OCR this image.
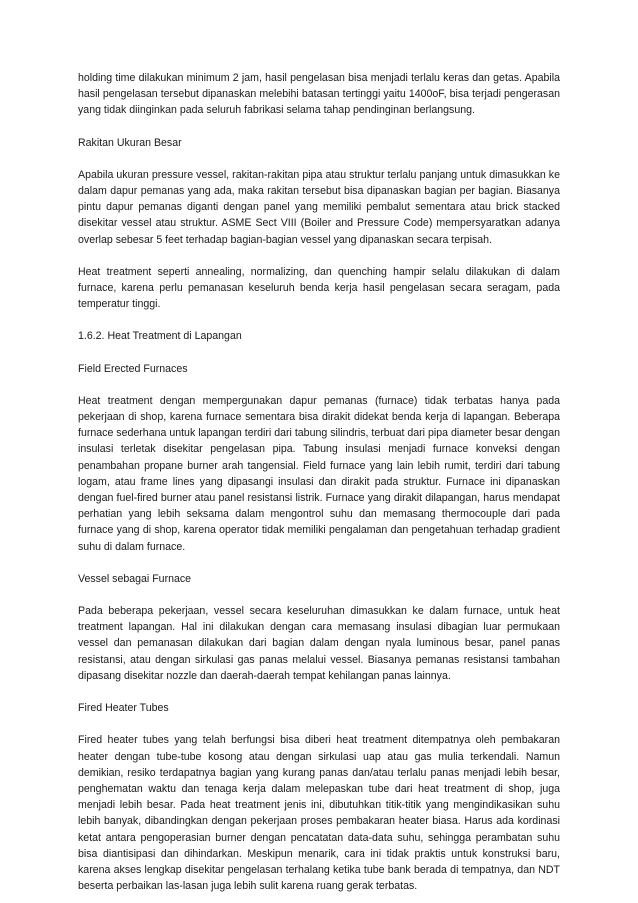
holding time dilakukan minimum 2 jam, hasil pengelasan bisa menjadi terlalu keras dan getas. Apabila hasil pengelasan tersebut dipanaskan melebihi batasan tertinggi yaitu 1400oF, bisa terjadi pengerasan yang tidak diinginkan pada seluruh fabrikasi selama tahap pendinginan berlangsung.

Rakitan Ukuran Besar

Apabila ukuran pressure vessel, rakitan-rakitan pipa atau struktur terlalu panjang untuk dimasukkan ke dalam dapur pemanas yang ada, maka rakitan tersebut bisa dipanaskan bagian per bagian. Biasanya pintu dapur pemanas diganti dengan panel yang memiliki pembalut sementara atau brick stacked disekitar vessel atau struktur. ASME Sect VIII (Boiler and Pressure Code) mempersyaratkan adanya overlap sebesar 5 feet terhadap bagian-bagian vessel yang dipanaskan secara terpisah.

Heat treatment seperti annealing, normalizing, dan quenching hampir selalu dilakukan di dalam furnace, karena perlu pemanasan keseluruh benda kerja hasil pengelasan secara seragam, pada temperatur tinggi.

1.6.2. Heat Treatment di Lapangan

Field Erected Furnaces

Heat treatment dengan mempergunakan dapur pemanas (furnace) tidak terbatas hanya pada pekerjaan di shop, karena furnace sementara bisa dirakit didekat benda kerja di lapangan. Beberapa furnace sederhana untuk lapangan terdiri dari tabung silindris, terbuat dari pipa diameter besar dengan insulasi terletak disekitar pengelasan pipa. Tabung insulasi menjadi furnace konveksi dengan penambahan propane burner arah tangensial. Field furnace yang lain lebih rumit, terdiri dari tabung logam, atau frame lines yang dipasangi insulasi dan dirakit pada struktur. Furnace ini dipanaskan dengan fuel-fired burner atau panel resistansi listrik. Furnace yang dirakit dilapangan, harus mendapat perhatian yang lebih seksama dalam mengontrol suhu dan memasang thermocouple dari pada furnace yang di shop, karena operator tidak memiliki pengalaman dan pengetahuan terhadap gradient suhu di dalam furnace.

Vessel sebagai Furnace

Pada beberapa pekerjaan, vessel secara keseluruhan dimasukkan ke dalam furnace, untuk heat treatment lapangan. Hal ini dilakukan dengan cara memasang insulasi dibagian luar permukaan vessel dan pemanasan dilakukan dari bagian dalam dengan nyala luminous besar, panel panas resistansi, atau dengan sirkulasi gas panas melalui vessel. Biasanya pemanas resistansi tambahan dipasang disekitar nozzle dan daerah-daerah tempat kehilangan panas lainnya.

Fired Heater Tubes

Fired heater tubes yang telah berfungsi bisa diberi heat treatment ditempatnya oleh pembakaran heater dengan tube-tube kosong atau dengan sirkulasi uap atau gas mulia terkendali. Namun demikian, resiko terdapatnya bagian yang kurang panas dan/atau terlalu panas menjadi lebih besar, penghematan waktu dan tenaga kerja dalam melepaskan tube dari heat treatment di shop, juga menjadi lebih besar. Pada heat treatment jenis ini, dibutuhkan titik-titik yang mengindikasikan suhu lebih banyak, dibandingkan dengan pekerjaan proses pembakaran heater biasa. Harus ada kordinasi ketat antara pengoperasian burner dengan pencatatan data-data suhu, sehingga perambatan suhu bisa diantisipasi dan dihindarkan. Meskipun menarik, cara ini tidak praktis untuk konstruksi baru, karena akses lengkap disekitar pengelasan terhalang ketika tube bank berada di tempatnya, dan NDT beserta perbaikan las-lasan juga lebih sulit karena ruang gerak terbatas.
